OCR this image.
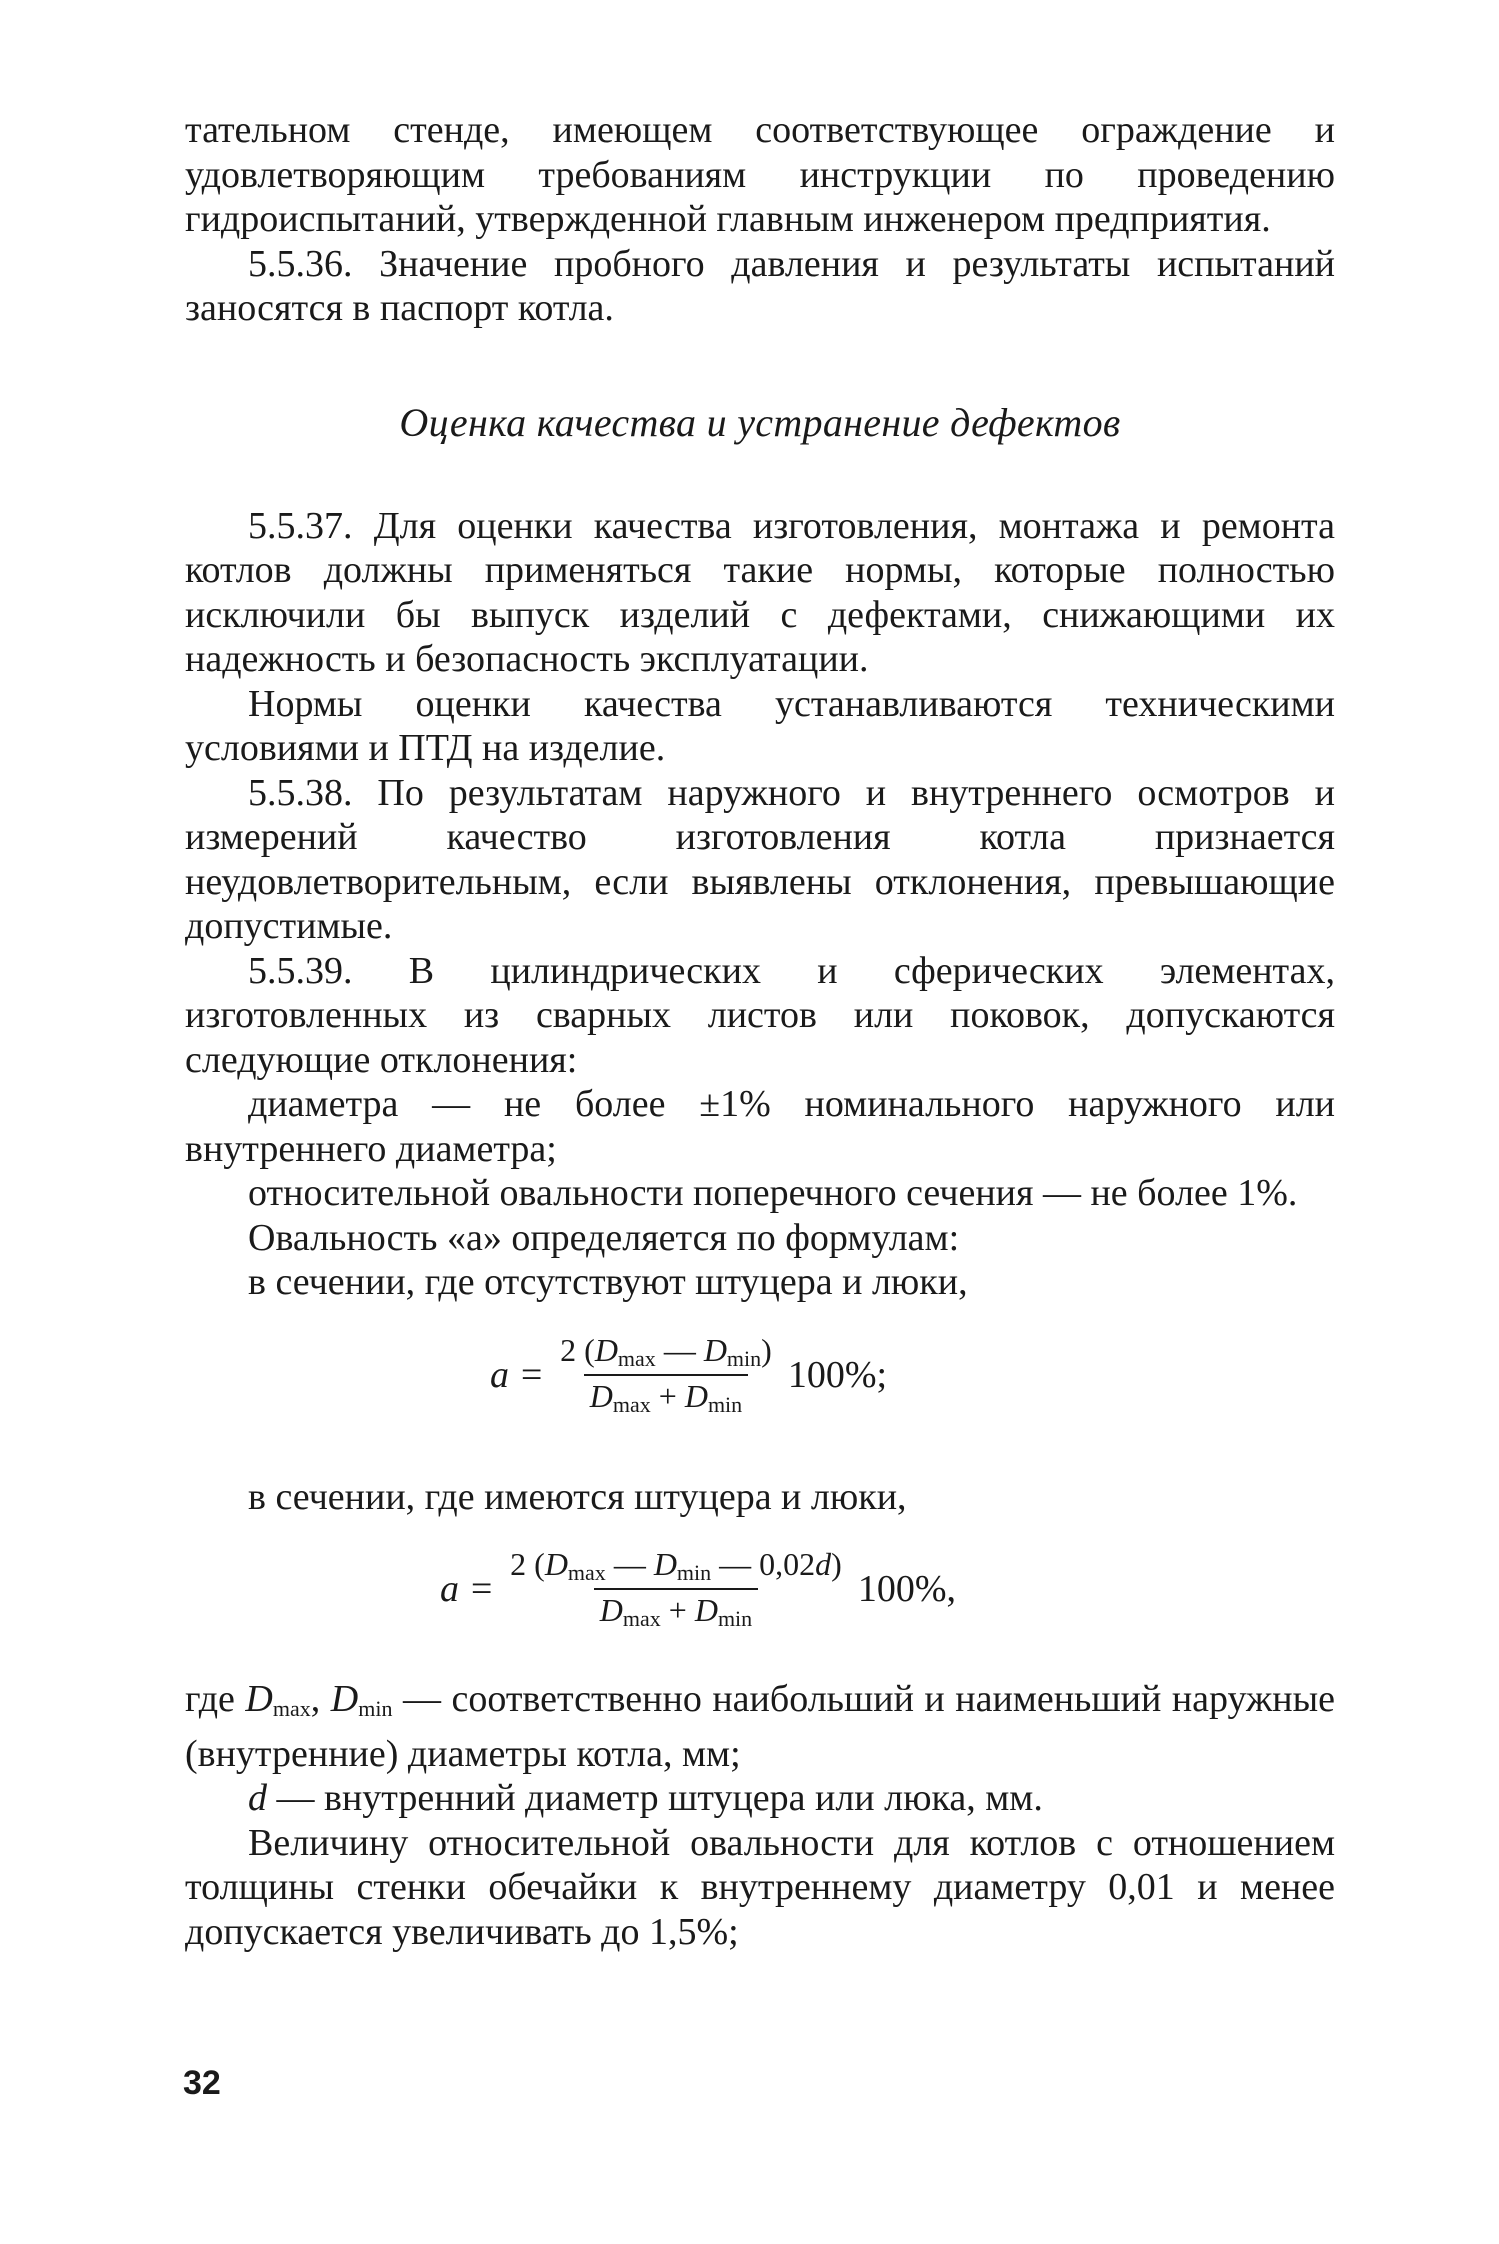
тательном стенде, имеющем соответствующее ограждение и удовлетворяющим требованиям инструкции по проведению гидроиспытаний, утвержденной главным инженером предприятия.

5.5.36. Значение пробного давления и результаты испытаний заносятся в паспорт котла.

Оценка качества и устранение дефектов

5.5.37. Для оценки качества изготовления, монтажа и ремонта котлов должны применяться такие нормы, которые полностью исключили бы выпуск изделий с дефектами, снижающими их надежность и безопасность эксплуатации.

Нормы оценки качества устанавливаются техническими условиями и ПТД на изделие.

5.5.38. По результатам наружного и внутреннего осмотров и измерений качество изготовления котла признается неудовлетворительным, если выявлены отклонения, превышающие допустимые.

5.5.39. В цилиндрических и сферических элементах, изготовленных из сварных листов или поковок, допускаются следующие отклонения:

диаметра — не более ±1% номинального наружного или внутреннего диаметра;

относительной овальности поперечного сечения — не более 1%.

Овальность «а» определяется по формулам:

в сечении, где отсутствуют штуцера и люки,

$a = \frac{2 (D_{max} — D_{min})}{D_{max} + D_{min}} 100\%$;

в сечении, где имеются штуцера и люки,

$a = \frac{2 (D_{max} — D_{min} — 0,02d)}{D_{max} + D_{min}} 100\%$,

где $D_{max}$, $D_{min}$ — соответственно наибольший и наименьший наружные (внутренние) диаметры котла, мм;

d — внутренний диаметр штуцера или люка, мм.

Величину относительной овальности для котлов с отношением толщины стенки обечайки к внутреннему диаметру 0,01 и менее допускается увеличивать до 1,5%;

32
